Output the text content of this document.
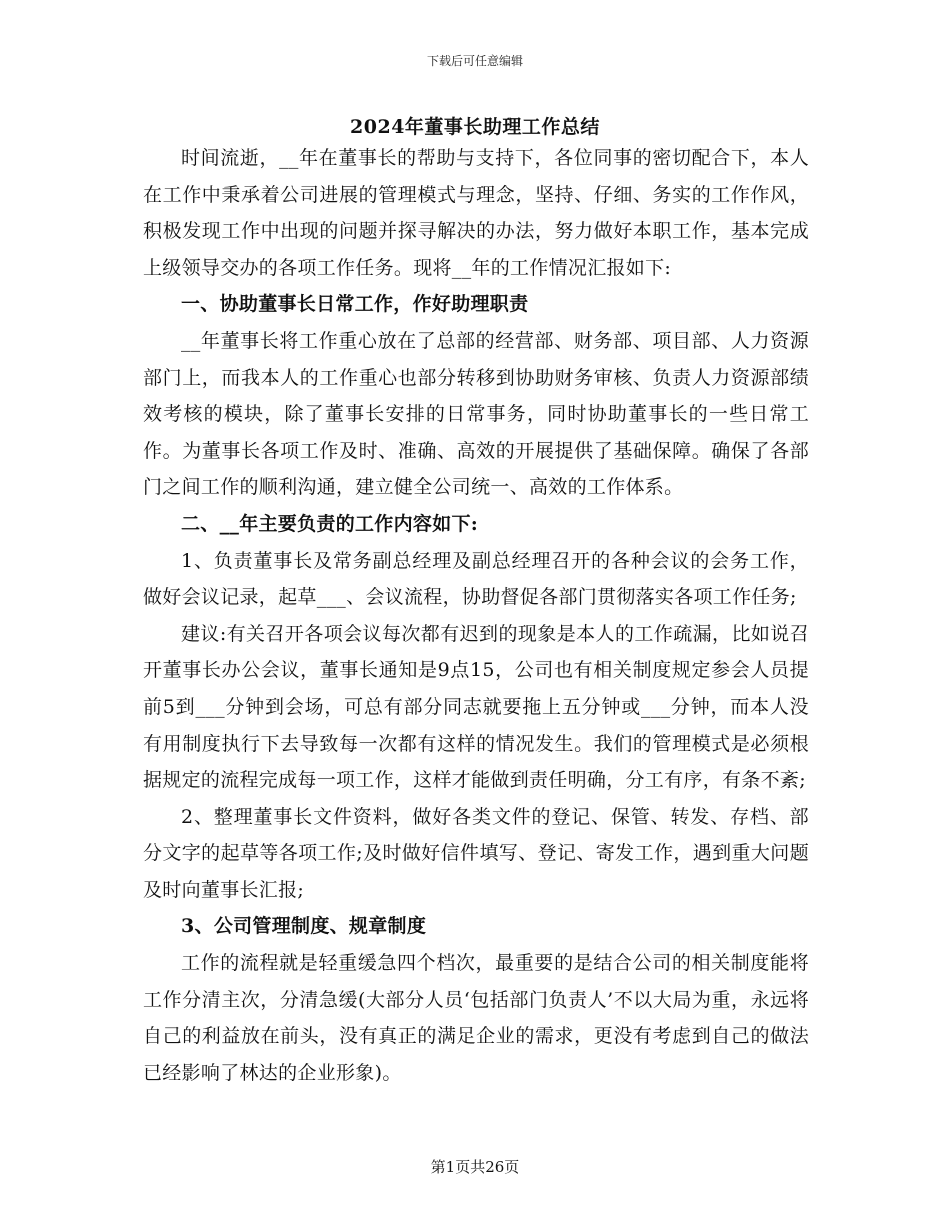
下载后可任意编辑
2024年董事长助理工作总结

时间流逝，__年在董事长的帮助与支持下，各位同事的密切配合下，本人在工作中秉承着公司进展的管理模式与理念，坚持、仔细、务实的工作作风，积极发现工作中出现的问题并探寻解决的办法，努力做好本职工作，基本完成上级领导交办的各项工作任务。现将__年的工作情况汇报如下:

一、协助董事长日常工作，作好助理职责

__年董事长将工作重心放在了总部的经营部、财务部、项目部、人力资源部门上，而我本人的工作重心也部分转移到协助财务审核、负责人力资源部绩效考核的模块，除了董事长安排的日常事务，同时协助董事长的一些日常工作。为董事长各项工作及时、准确、高效的开展提供了基础保障。确保了各部门之间工作的顺利沟通，建立健全公司统一、高效的工作体系。

二、__年主要负责的工作内容如下:

1、负责董事长及常务副总经理及副总经理召开的各种会议的会务工作，做好会议记录，起草___、会议流程，协助督促各部门贯彻落实各项工作任务;

建议:有关召开各项会议每次都有迟到的现象是本人的工作疏漏，比如说召开董事长办公会议，董事长通知是9点15，公司也有相关制度规定参会人员提前5到___分钟到会场，可总有部分同志就要拖上五分钟或___分钟，而本人没有用制度执行下去导致每一次都有这样的情况发生。我们的管理模式是必须根据规定的流程完成每一项工作，这样才能做到责任明确，分工有序，有条不紊;

2、整理董事长文件资料，做好各类文件的登记、保管、转发、存档、部分文字的起草等各项工作;及时做好信件填写、登记、寄发工作，遇到重大问题及时向董事长汇报;

3、公司管理制度、规章制度

工作的流程就是轻重缓急四个档次，最重要的是结合公司的相关制度能将工作分清主次，分清急缓(大部分人员‘包括部门负责人’不以大局为重，永远将自己的利益放在前头，没有真正的满足企业的需求，更没有考虑到自己的做法已经影响了林达的企业形象)。

第1页共26页
